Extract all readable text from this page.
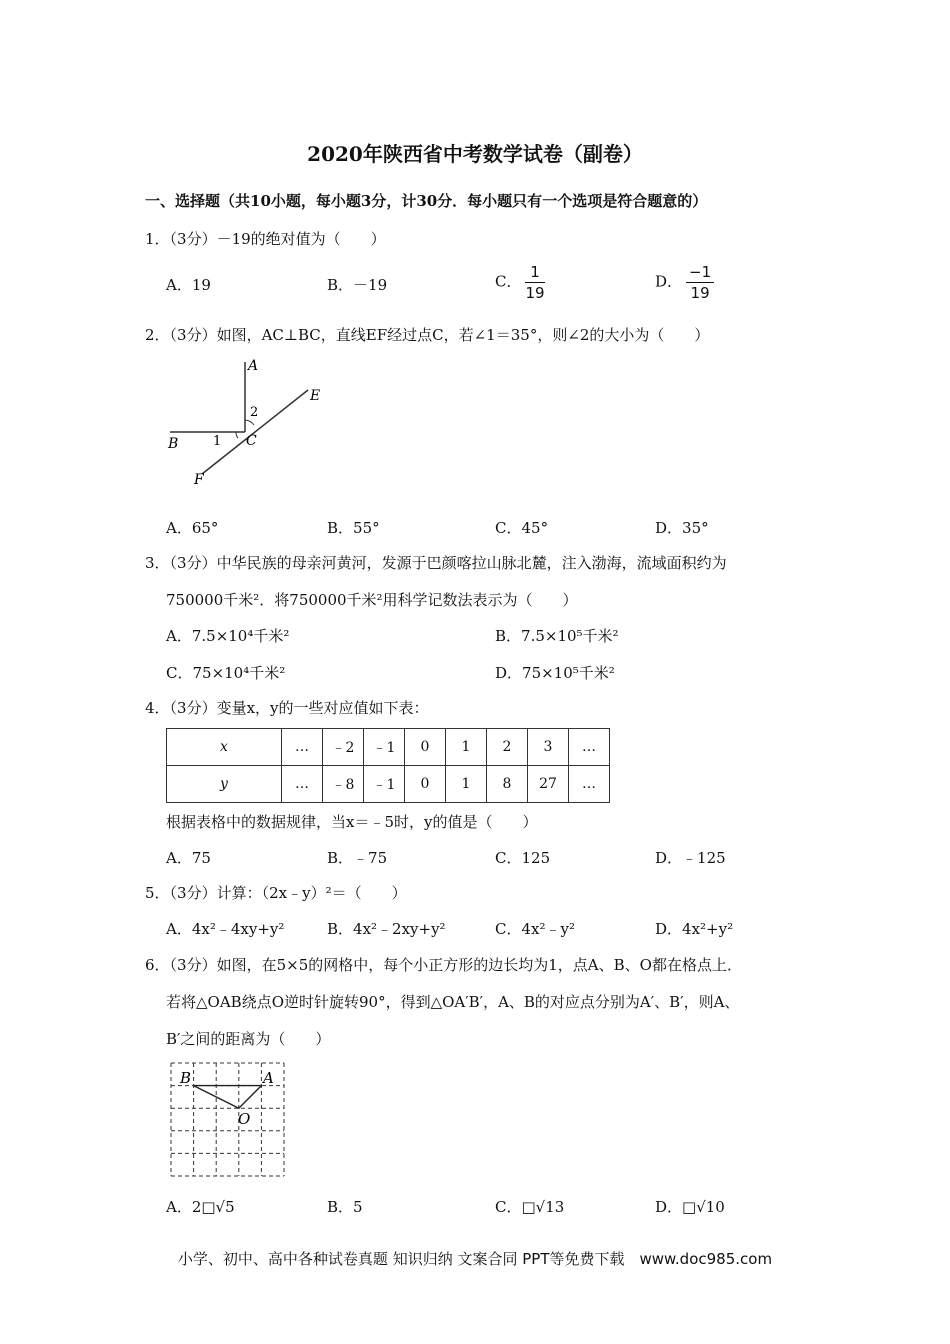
2020年陕西省中考数学试卷（副卷）
一、选择题（共10小题，每小题3分，计30分．每小题只有一个选项是符合题意的）
1．（3分）－19的绝对值为（　　）
A．19	B．－19	C． $\frac{1}{19}$	D． $\frac{-1}{19}$
2．（3分）如图，AC⊥BC，直线EF经过点C，若∠1＝35°，则∠2的大小为（　　）
A
B	C
E
F
1
2
A．65°	B．55°	C．45°	D．35°
3．（3分）中华民族的母亲河黄河，发源于巴颜喀拉山脉北麓，注入渤海，流域面积约为
750000千米²．将750000千米²用科学记数法表示为（　　）
A．7.5×10⁴千米²	B．7.5×10⁵千米²
C．75×10⁴千米²	D．75×10⁵千米²
4．（3分）变量x，y的一些对应值如下表：
x	…	﹣2	﹣1	0	1	2	3	…
y	…	﹣8	﹣1	0	1	8	27	…
根据表格中的数据规律，当x＝﹣5时，y的值是（　　）
A．75	B．﹣75	C．125	D．﹣125
5．（3分）计算：（2x﹣y）²＝（　　）
A．4x²﹣4xy+y²	B．4x²﹣2xy+y²	C．4x²﹣y²	D．4x²+y²
6．（3分）如图，在5×5的网格中，每个小正方形的边长均为1，点A、B、O都在格点上．
若将△OAB绕点O逆时针旋转90°，得到△OA′B′，A、B的对应点分别为A′、B′，则A、
B′之间的距离为（　　）
B	A
O
A．2□√5	B．5	C．□√13	D．□√10
小学、初中、高中各种试卷真题 知识归纳 文案合同 PPT等免费下载　www.doc985.com
